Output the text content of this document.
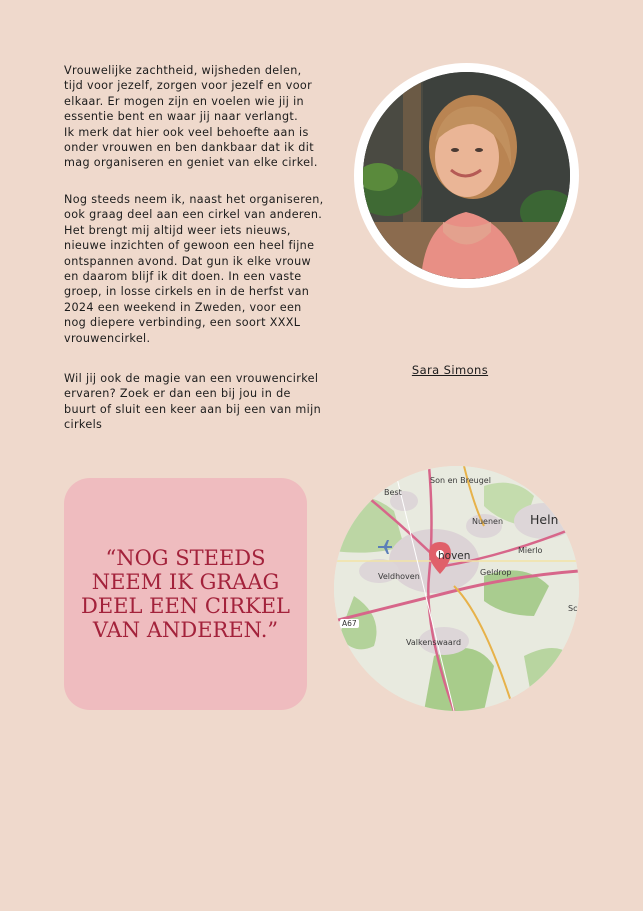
Vrouwelijke zachtheid, wijsheden delen,
tijd voor jezelf, zorgen voor jezelf en voor
elkaar. Er mogen zijn en voelen wie jij in
essentie bent en waar jij naar verlangt.
Ik merk dat hier ook veel behoefte aan is
onder vrouwen en ben dankbaar dat ik dit
mag organiseren en geniet van elke cirkel.

Nog steeds neem ik, naast het organiseren,
ook graag deel aan een cirkel van anderen.
Het brengt mij altijd weer iets nieuws,
nieuwe inzichten of gewoon een heel fijne
ontspannen avond. Dat gun ik elke vrouw
en daarom blijf ik dit doen. In een vaste
groep, in losse cirkels en in de herfst van
2024 een weekend in Zweden, voor een
nog diepere verbinding, een soort XXXL
vrouwencirkel.

Wil jij ook de magie van een vrouwencirkel
ervaren? Zoek er dan een bij jou in de
buurt of sluit een keer aan bij een van mijn
cirkels

Sara Simons

“NOG STEEDS NEEM IK GRAAG DEEL EEN CIRKEL VAN ANDEREN.”

Son en Breugel
Best
Nuenen Helm
hoven	Mierlo
Veldhoven	Geldrop
Valkenswaard
A67
Sc
